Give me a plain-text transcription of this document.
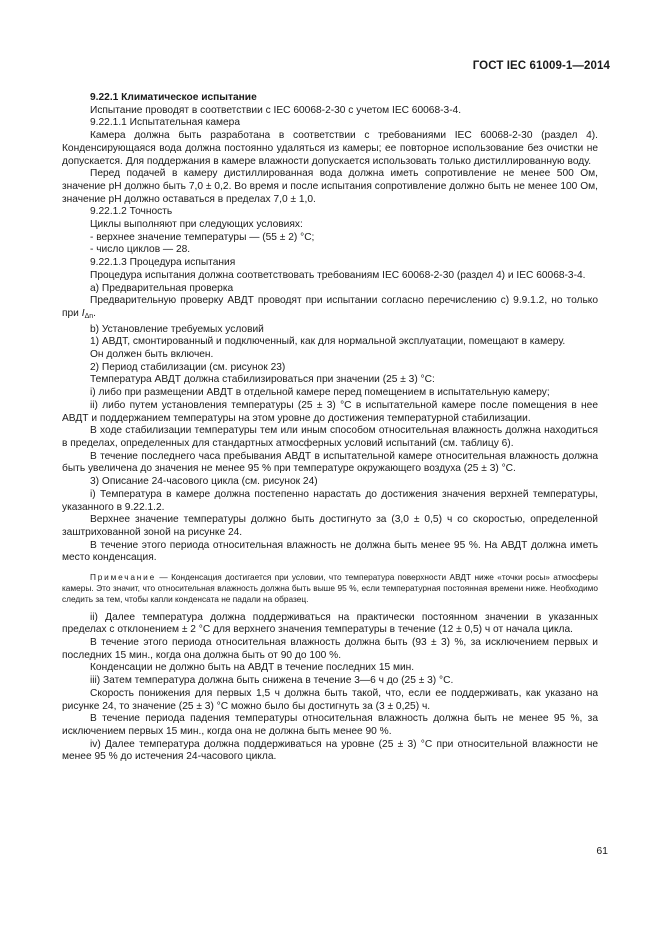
ГОСТ IEC 61009-1—2014

9.22.1 Климатическое испытание

Испытание проводят в соответствии с IEC 60068-2-30 с учетом IEC 60068-3-4.

9.22.1.1 Испытательная камера

Камера должна быть разработана в соответствии с требованиями IEC 60068-2-30 (раздел 4). Конденсирующаяся вода должна постоянно удаляться из камеры; ее повторное использование без очистки не допускается. Для поддержания в камере влажности допускается использовать только дистиллированную воду.

Перед подачей в камеру дистиллированная вода должна иметь сопротивление не менее 500 Ом, значение pH должно быть 7,0 ± 0,2. Во время и после испытания сопротивление должно быть не менее 100 Ом, значение pH должно оставаться в пределах 7,0 ± 1,0.

9.22.1.2 Точность

Циклы выполняют при следующих условиях:

- верхнее значение температуры — (55 ± 2) °С;

- число циклов — 28.

9.22.1.3 Процедура испытания

Процедура испытания должна соответствовать требованиям IEC 60068-2-30 (раздел 4) и IEC 60068-3-4.

a) Предварительная проверка

Предварительную проверку АВДТ проводят при испытании согласно перечислению с) 9.9.1.2, но только при $I_{\Delta n}$.

b) Установление требуемых условий

1) АВДТ, смонтированный и подключенный, как для нормальной эксплуатации, помещают в камеру.

Он должен быть включен.

2) Период стабилизации (см. рисунок 23)

Температура АВДТ должна стабилизироваться при значении (25 ± 3) °С:

i) либо при размещении АВДТ в отдельной камере перед помещением в испытательную камеру;

ii) либо путем установления температуры (25 ± 3) °С в испытательной камере после помещения в нее АВДТ и поддержанием температуры на этом уровне до достижения температурной стабилизации.

В ходе стабилизации температуры тем или иным способом относительная влажность должна находиться в пределах, определенных для стандартных атмосферных условий испытаний (см. таблицу 6).

В течение последнего часа пребывания АВДТ в испытательной камере относительная влажность должна быть увеличена до значения не менее 95 % при температуре окружающего воздуха (25 ± 3) °С.

3) Описание 24-часового цикла (см. рисунок 24)

i) Температура в камере должна постепенно нарастать до достижения значения верхней температуры, указанного в 9.22.1.2.

Верхнее значение температуры должно быть достигнуто за (3,0 ± 0,5) ч со скоростью, определенной заштрихованной зоной на рисунке 24.

В течение этого периода относительная влажность не должна быть менее 95 %. На АВДТ должна иметь место конденсация.

Примечание — Конденсация достигается при условии, что температура поверхности АВДТ ниже «точки росы» атмосферы камеры. Это значит, что относительная влажность должна быть выше 95 %, если температурная постоянная времени ниже. Необходимо следить за тем, чтобы капли конденсата не падали на образец.

ii) Далее температура должна поддерживаться на практически постоянном значении в указанных пределах с отклонением ± 2 °С для верхнего значения температуры в течение (12 ± 0,5) ч от начала цикла.

В течение этого периода относительная влажность должна быть (93 ± 3) %, за исключением первых и последних 15 мин., когда она должна быть от 90 до 100 %.

Конденсации не должно быть на АВДТ в течение последних 15 мин.

iii) Затем температура должна быть снижена в течение 3—6 ч до (25 ± 3) °С.

Скорость понижения для первых 1,5 ч должна быть такой, что, если ее поддерживать, как указано на рисунке 24, то значение (25 ± 3) °С можно было бы достигнуть за (3 ± 0,25) ч.

В течение периода падения температуры относительная влажность должна быть не менее 95 %, за исключением первых 15 мин., когда она не должна быть менее 90 %.

iv) Далее температура должна поддерживаться на уровне (25 ± 3) °С при относительной влажности не менее 95 % до истечения 24-часового цикла.

61
